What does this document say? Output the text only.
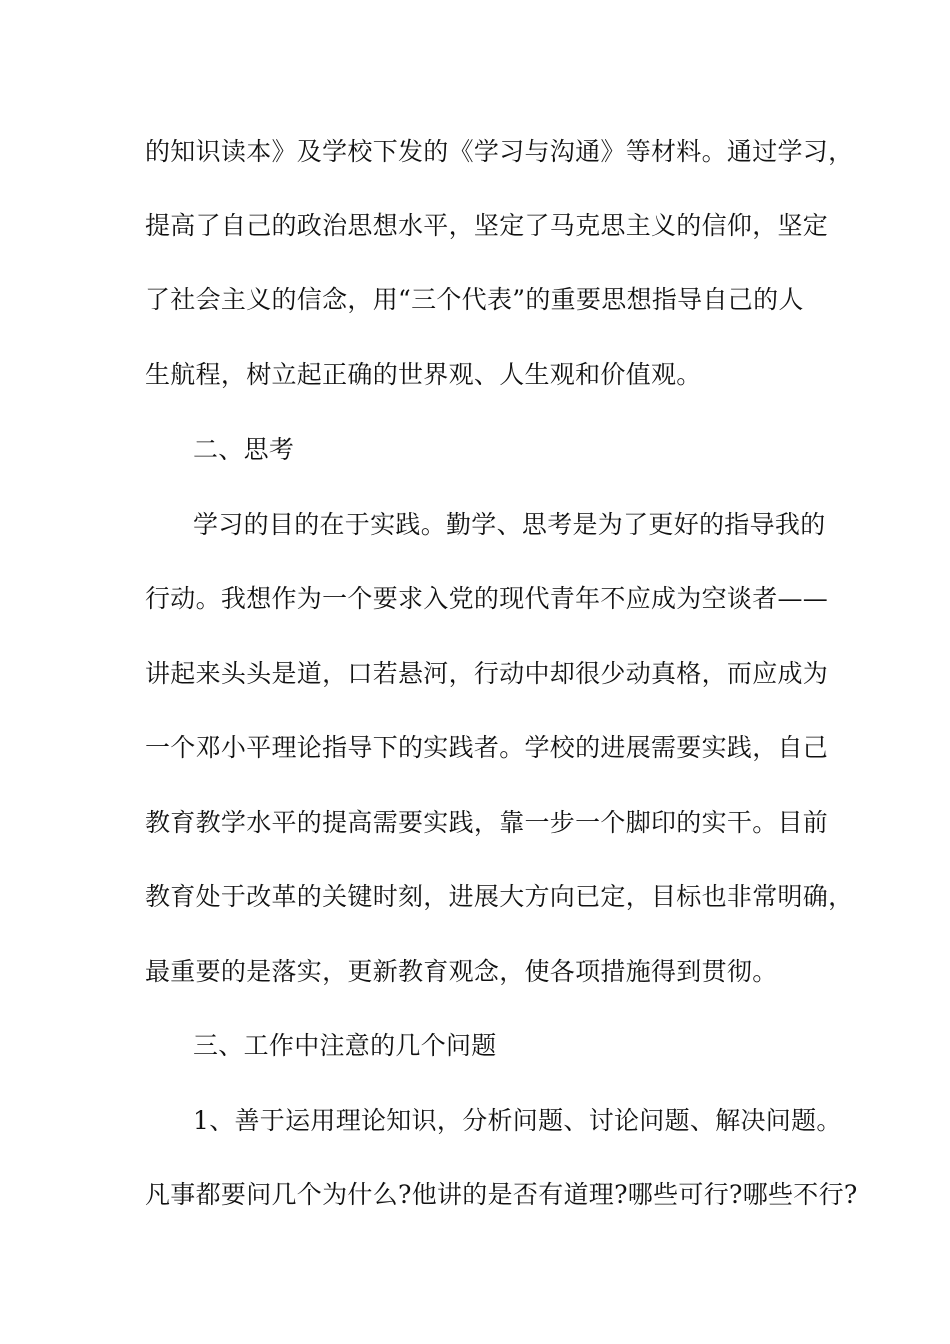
的知识读本》及学校下发的《学习与沟通》等材料。通过学习，
提高了自己的政治思想水平，坚定了马克思主义的信仰，坚定
了社会主义的信念，用“三个代表”的重要思想指导自己的人
生航程，树立起正确的世界观、人生观和价值观。
二、思考
学习的目的在于实践。勤学、思考是为了更好的指导我的
行动。我想作为一个要求入党的现代青年不应成为空谈者——
讲起来头头是道，口若悬河，行动中却很少动真格，而应成为
一个邓小平理论指导下的实践者。学校的进展需要实践，自己
教育教学水平的提高需要实践，靠一步一个脚印的实干。目前
教育处于改革的关键时刻，进展大方向已定，目标也非常明确，
最重要的是落实，更新教育观念，使各项措施得到贯彻。
三、工作中注意的几个问题
1、善于运用理论知识，分析问题、讨论问题、解决问题。
凡事都要问几个为什么?他讲的是否有道理?哪些可行?哪些不行?
